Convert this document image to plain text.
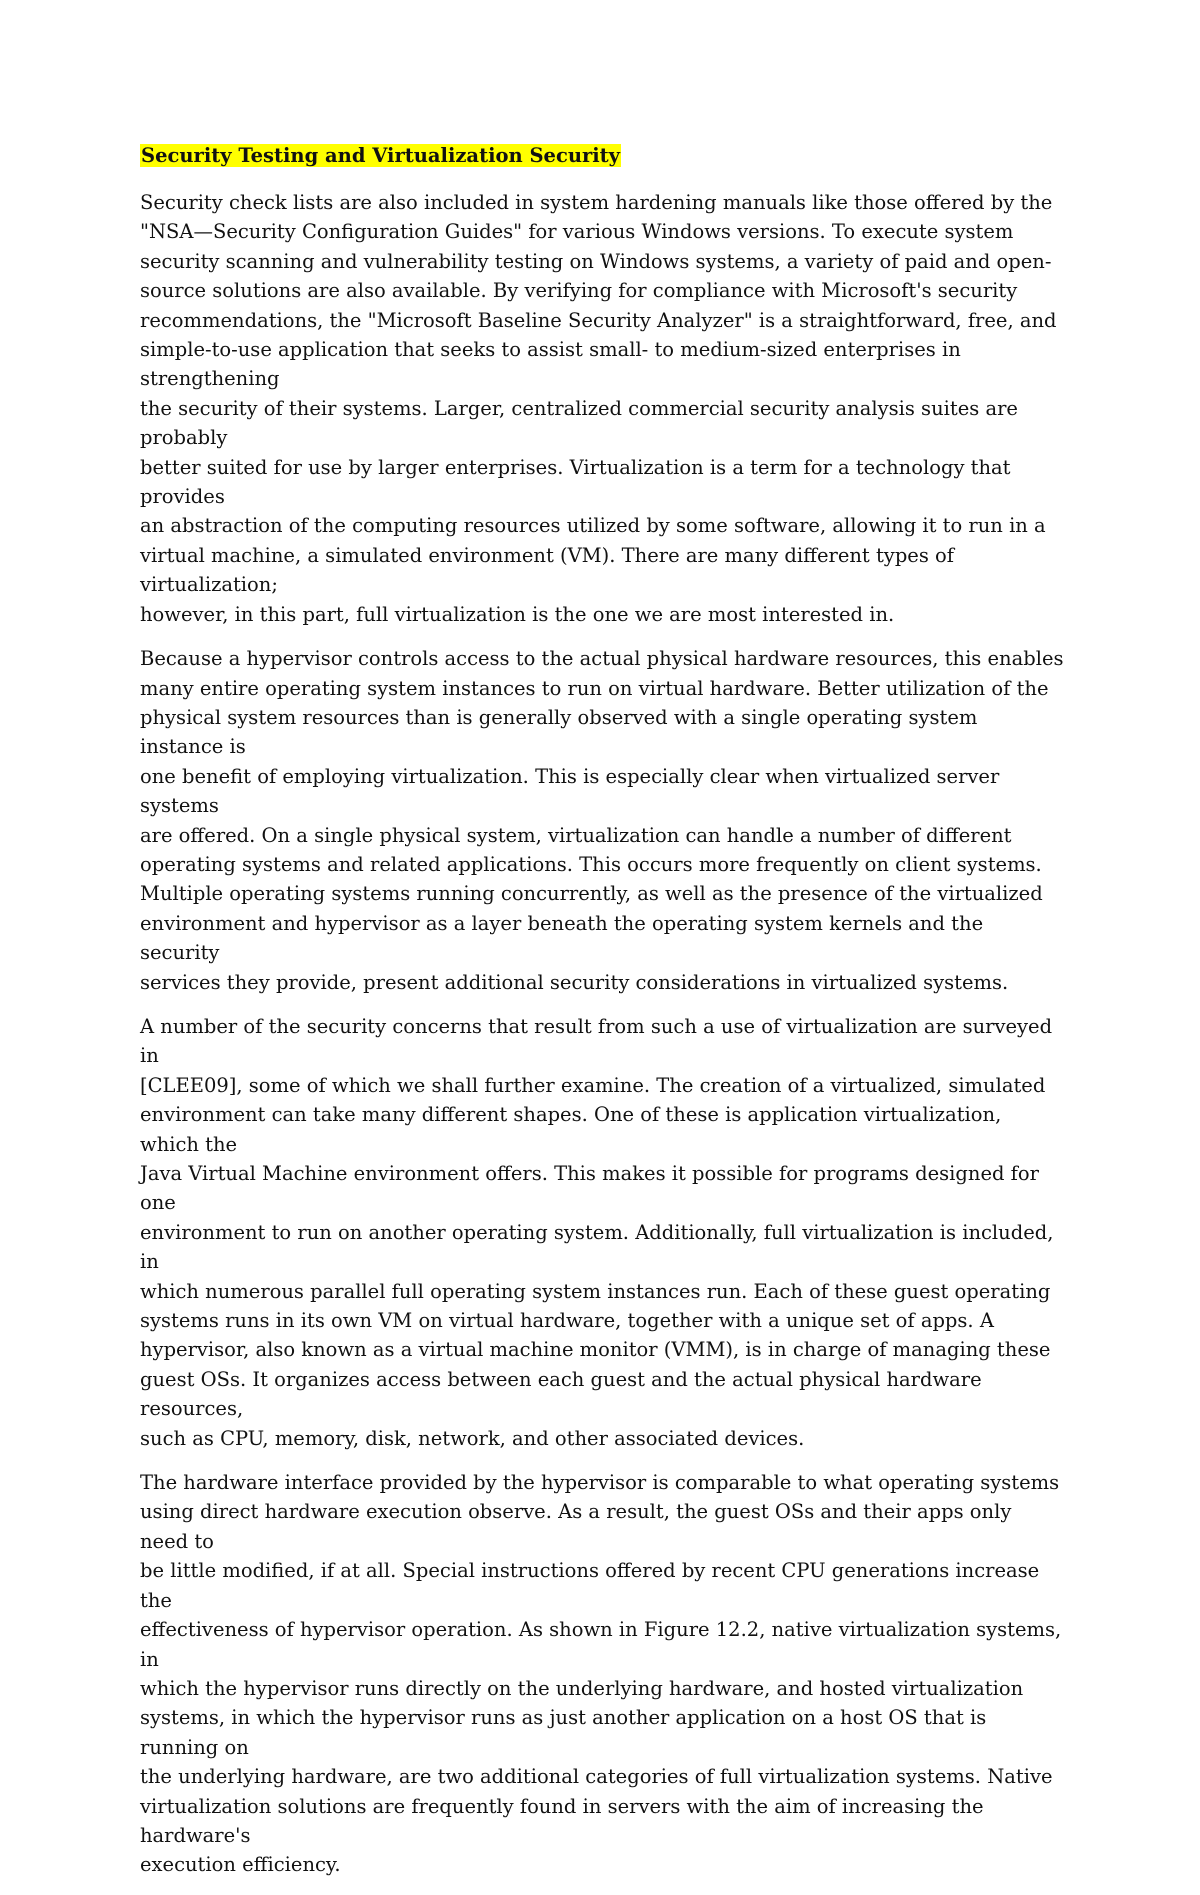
Security Testing and Virtualization Security

Security check lists are also included in system hardening manuals like those offered by the
"NSA—Security Configuration Guides" for various Windows versions. To execute system
security scanning and vulnerability testing on Windows systems, a variety of paid and open-
source solutions are also available. By verifying for compliance with Microsoft's security
recommendations, the "Microsoft Baseline Security Analyzer" is a straightforward, free, and
simple-to-use application that seeks to assist small- to medium-sized enterprises in strengthening
the security of their systems. Larger, centralized commercial security analysis suites are probably
better suited for use by larger enterprises. Virtualization is a term for a technology that provides
an abstraction of the computing resources utilized by some software, allowing it to run in a
virtual machine, a simulated environment (VM). There are many different types of virtualization;
however, in this part, full virtualization is the one we are most interested in.

Because a hypervisor controls access to the actual physical hardware resources, this enables
many entire operating system instances to run on virtual hardware. Better utilization of the
physical system resources than is generally observed with a single operating system instance is
one benefit of employing virtualization. This is especially clear when virtualized server systems
are offered. On a single physical system, virtualization can handle a number of different
operating systems and related applications. This occurs more frequently on client systems.
Multiple operating systems running concurrently, as well as the presence of the virtualized
environment and hypervisor as a layer beneath the operating system kernels and the security
services they provide, present additional security considerations in virtualized systems.

A number of the security concerns that result from such a use of virtualization are surveyed in
[CLEE09], some of which we shall further examine. The creation of a virtualized, simulated
environment can take many different shapes. One of these is application virtualization, which the
Java Virtual Machine environment offers. This makes it possible for programs designed for one
environment to run on another operating system. Additionally, full virtualization is included, in
which numerous parallel full operating system instances run. Each of these guest operating
systems runs in its own VM on virtual hardware, together with a unique set of apps. A
hypervisor, also known as a virtual machine monitor (VMM), is in charge of managing these
guest OSs. It organizes access between each guest and the actual physical hardware resources,
such as CPU, memory, disk, network, and other associated devices.

The hardware interface provided by the hypervisor is comparable to what operating systems
using direct hardware execution observe. As a result, the guest OSs and their apps only need to
be little modified, if at all. Special instructions offered by recent CPU generations increase the
effectiveness of hypervisor operation. As shown in Figure 12.2, native virtualization systems, in
which the hypervisor runs directly on the underlying hardware, and hosted virtualization
systems, in which the hypervisor runs as just another application on a host OS that is running on
the underlying hardware, are two additional categories of full virtualization systems. Native
virtualization solutions are frequently found in servers with the aim of increasing the hardware's
execution efficiency.
